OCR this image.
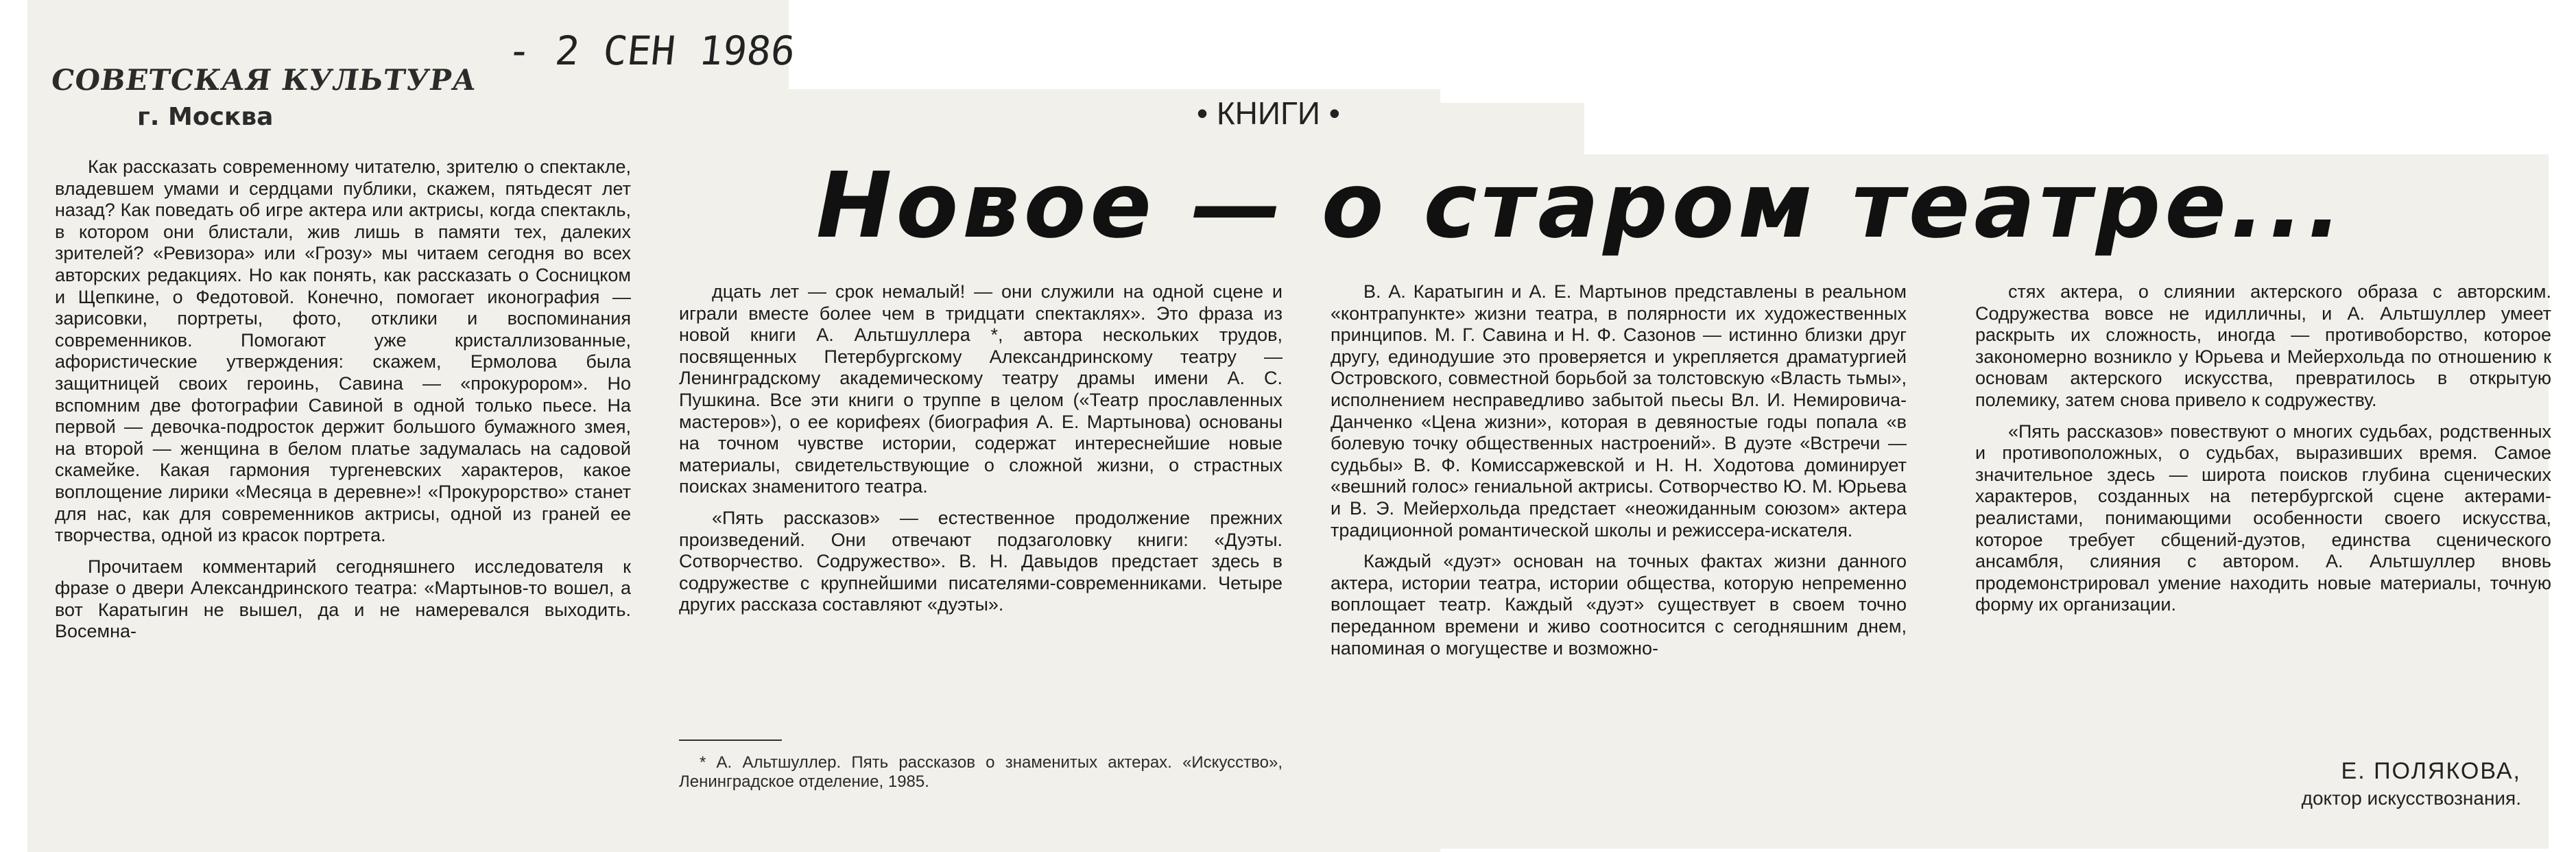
СОВЕТСКАЯ КУЛЬТУРА
г. Москва
- 2 СЕН 1986
• КНИГИ •
Новое — о старом театре...

Как рассказать современному читателю, зрителю о спектакле, владевшем умами и сердцами публики, скажем, пятьдесят лет назад? Как поведать об игре актера или актрисы, когда спектакль, в котором они блистали, жив лишь в памяти тех, далеких зрителей? «Ревизора» или «Грозу» мы читаем сегодня во всех авторских редакциях. Но как понять, как рассказать о Сосницком и Щепкине, о Федотовой. Конечно, помогает иконография — зарисовки, портреты, фото, отклики и воспоминания современников. Помогают уже кристаллизованные, афористические утверждения: скажем, Ермолова была защитницей своих героинь, Савина — «прокурором». Но вспомним две фотографии Савиной в одной только пьесе. На первой — девочка-подросток держит большого бумажного змея, на второй — женщина в белом платье задумалась на садовой скамейке. Какая гармония тургеневских характеров, какое воплощение лирики «Месяца в деревне»! «Прокурорство» станет для нас, как для современников актрисы, одной из граней ее творчества, одной из красок портрета.

Прочитаем комментарий сегодняшнего исследователя к фразе о двери Александринского театра: «Мартынов-то вошел, а вот Каратыгин не вышел, да и не намеревался выходить. Восемна-

дцать лет — срок немалый! — они служили на одной сцене и играли вместе более чем в тридцати спектаклях». Это фраза из новой книги А. Альтшуллера *, автора нескольких трудов, посвященных Петербургскому Александринскому театру — Ленинградскому академическому театру драмы имени А. С. Пушкина. Все эти книги о труппе в целом («Театр прославленных мастеров»), о ее корифеях (биография А. Е. Мартынова) основаны на точном чувстве истории, содержат интереснейшие новые материалы, свидетельствующие о сложной жизни, о страстных поисках знаменитого театра.

«Пять рассказов» — естественное продолжение прежних произведений. Они отвечают подзаголовку книги: «Дуэты. Сотворчество. Содружество». В. Н. Давыдов предстает здесь в содружестве с крупнейшими писателями-современниками. Четыре других рассказа составляют «дуэты».

* А. Альтшуллер. Пять рассказов о знаменитых актерах. «Искусство», Ленинградское отделение, 1985.

В. А. Каратыгин и А. Е. Мартынов представлены в реальном «контрапункте» жизни театра, в полярности их художественных принципов. М. Г. Савина и Н. Ф. Сазонов — истинно близки друг другу, единодушие это проверяется и укрепляется драматургией Островского, совместной борьбой за толстовскую «Власть тьмы», исполнением несправедливо забытой пьесы Вл. И. Немировича-Данченко «Цена жизни», которая в девяностые годы попала «в болевую точку общественных настроений». В дуэте «Встречи — судьбы» В. Ф. Комиссаржевской и Н. Н. Ходотова доминирует «вешний голос» гениальной актрисы. Сотворчество Ю. М. Юрьева и В. Э. Мейерхольда предстает «неожиданным союзом» актера традиционной романтической школы и режиссера-искателя.

Каждый «дуэт» основан на точных фактах жизни данного актера, истории театра, истории общества, которую непременно воплощает театр. Каждый «дуэт» существует в своем точно переданном времени и живо соотносится с сегодняшним днем, напоминая о могуществе и возможно-

стях актера, о слиянии актерского образа с авторским. Содружества вовсе не идилличны, и А. Альтшуллер умеет раскрыть их сложность, иногда — противоборство, которое закономерно возникло у Юрьева и Мейерхольда по отношению к основам актерского искусства, превратилось в открытую полемику, затем снова привело к содружеству.

«Пять рассказов» повествуют о многих судьбах, родственных и противоположных, о судьбах, выразивших время. Самое значительное здесь — широта поисков глубина сценических характеров, созданных на петербургской сцене актерами-реалистами, понимающими особенности своего искусства, которое требует сбщений-дуэтов, единства сценического ансамбля, слияния с автором. А. Альтшуллер вновь продемонстрировал умение находить новые материалы, точную форму их организации.

Е. ПОЛЯКОВА,
доктор искусствознания.
